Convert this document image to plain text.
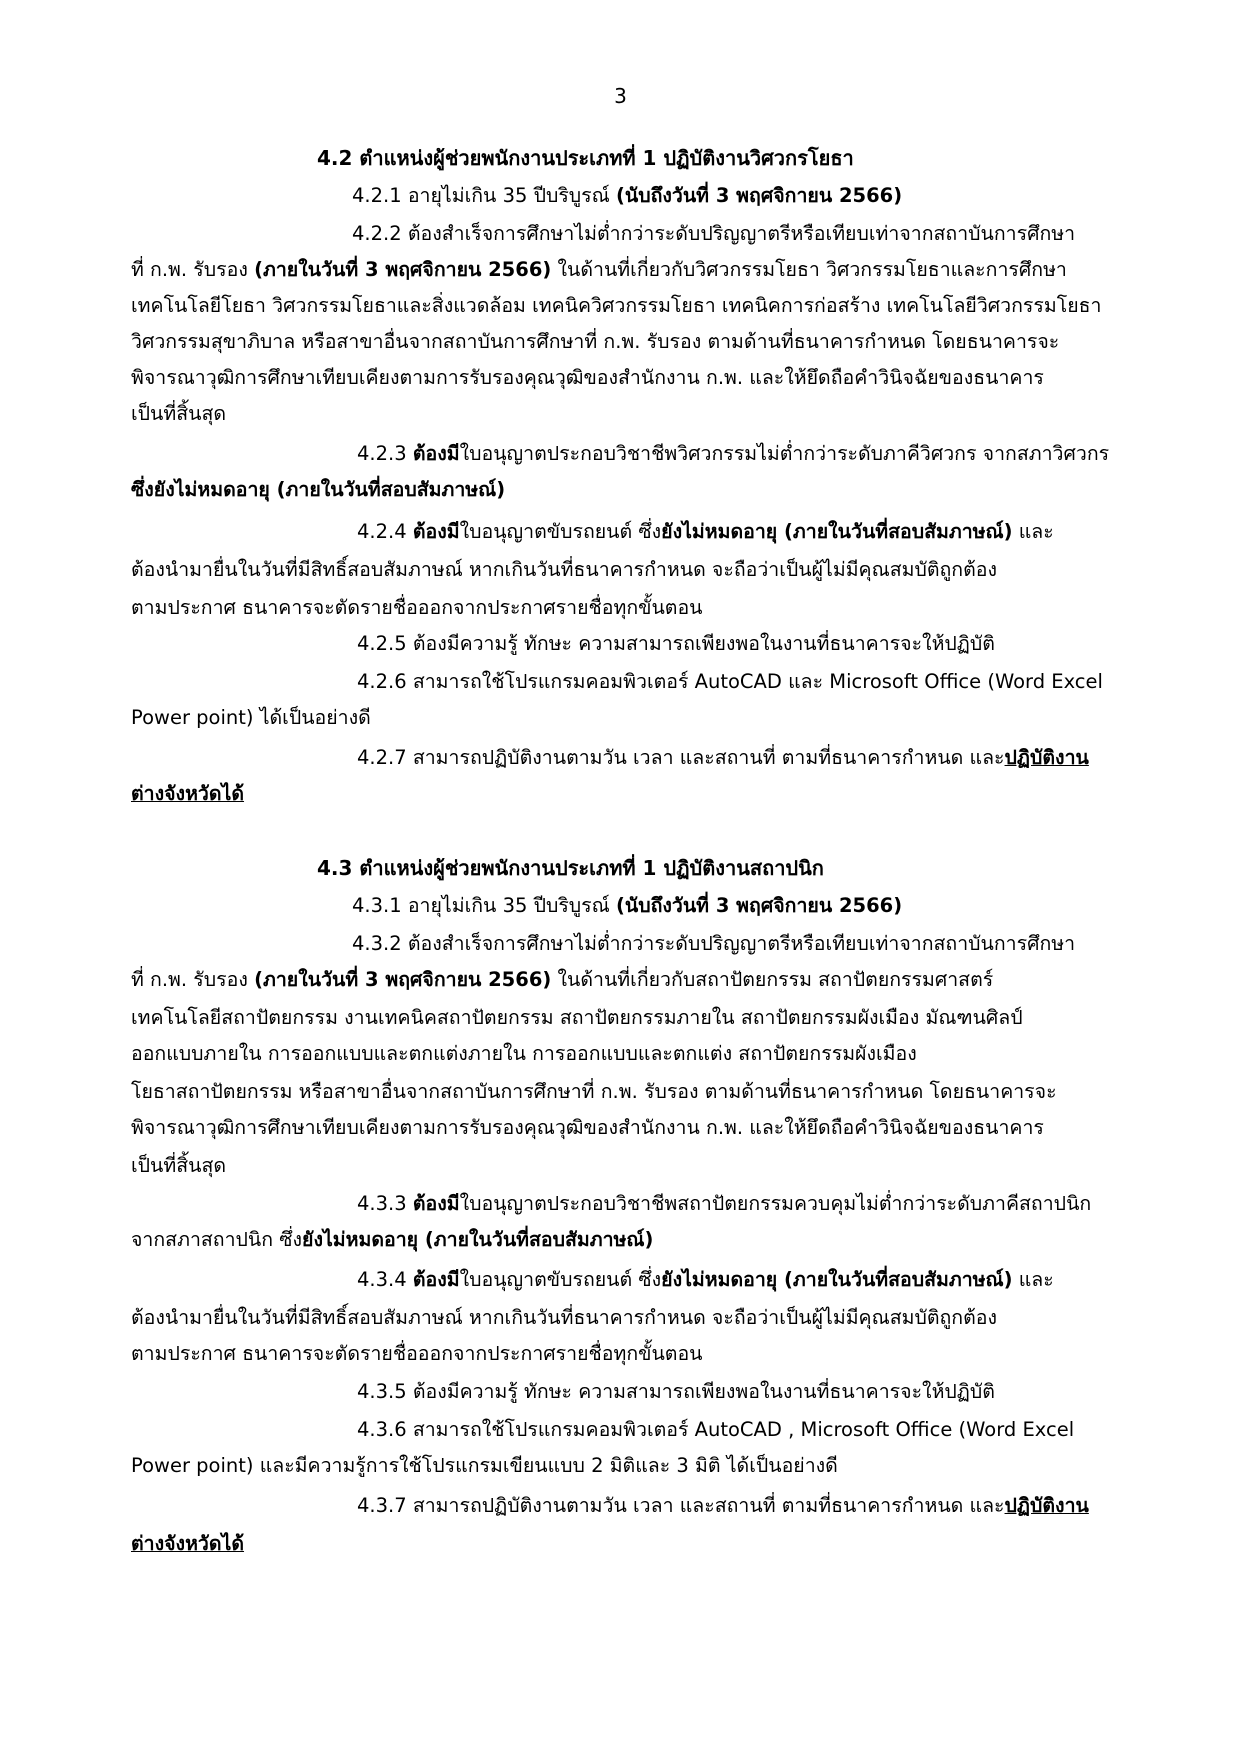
3
4.2 ตำแหน่งผู้ช่วยพนักงานประเภทที่ 1 ปฏิบัติงานวิศวกรโยธา
4.2.1 อายุไม่เกิน 35 ปีบริบูรณ์ (นับถึงวันที่ 3 พฤศจิกายน 2566)
4.2.2 ต้องสำเร็จการศึกษาไม่ต่ำกว่าระดับปริญญาตรีหรือเทียบเท่าจากสถาบันการศึกษา
ที่ ก.พ. รับรอง (ภายในวันที่ 3 พฤศจิกายน 2566) ในด้านที่เกี่ยวกับวิศวกรรมโยธา วิศวกรรมโยธาและการศึกษา
เทคโนโลยีโยธา วิศวกรรมโยธาและสิ่งแวดล้อม เทคนิควิศวกรรมโยธา เทคนิคการก่อสร้าง เทคโนโลยีวิศวกรรมโยธา
วิศวกรรมสุขาภิบาล หรือสาขาอื่นจากสถาบันการศึกษาที่ ก.พ. รับรอง ตามด้านที่ธนาคารกำหนด โดยธนาคารจะ
พิจารณาวุฒิการศึกษาเทียบเคียงตามการรับรองคุณวุฒิของสำนักงาน ก.พ. และให้ยึดถือคำวินิจฉัยของธนาคาร
เป็นที่สิ้นสุด
4.2.3 ต้องมีใบอนุญาตประกอบวิชาชีพวิศวกรรมไม่ต่ำกว่าระดับภาคีวิศวกร จากสภาวิศวกร
ซึ่งยังไม่หมดอายุ (ภายในวันที่สอบสัมภาษณ์)
4.2.4 ต้องมีใบอนุญาตขับรถยนต์ ซึ่งยังไม่หมดอายุ (ภายในวันที่สอบสัมภาษณ์) และ
ต้องนำมายื่นในวันที่มีสิทธิ์สอบสัมภาษณ์ หากเกินวันที่ธนาคารกำหนด จะถือว่าเป็นผู้ไม่มีคุณสมบัติถูกต้อง
ตามประกาศ ธนาคารจะตัดรายชื่อออกจากประกาศรายชื่อทุกขั้นตอน
4.2.5 ต้องมีความรู้ ทักษะ ความสามารถเพียงพอในงานที่ธนาคารจะให้ปฏิบัติ
4.2.6 สามารถใช้โปรแกรมคอมพิวเตอร์ AutoCAD และ Microsoft Office (Word Excel
Power point) ได้เป็นอย่างดี
4.2.7 สามารถปฏิบัติงานตามวัน เวลา และสถานที่ ตามที่ธนาคารกำหนด และปฏิบัติงาน
ต่างจังหวัดได้
4.3 ตำแหน่งผู้ช่วยพนักงานประเภทที่ 1 ปฏิบัติงานสถาปนิก
4.3.1 อายุไม่เกิน 35 ปีบริบูรณ์ (นับถึงวันที่ 3 พฤศจิกายน 2566)
4.3.2 ต้องสำเร็จการศึกษาไม่ต่ำกว่าระดับปริญญาตรีหรือเทียบเท่าจากสถาบันการศึกษา
ที่ ก.พ. รับรอง (ภายในวันที่ 3 พฤศจิกายน 2566) ในด้านที่เกี่ยวกับสถาปัตยกรรม สถาปัตยกรรมศาสตร์
เทคโนโลยีสถาปัตยกรรม งานเทคนิคสถาปัตยกรรม สถาปัตยกรรมภายใน สถาปัตยกรรมผังเมือง มัณฑนศิลป์
ออกแบบภายใน การออกแบบและตกแต่งภายใน การออกแบบและตกแต่ง สถาปัตยกรรมผังเมือง
โยธาสถาปัตยกรรม หรือสาขาอื่นจากสถาบันการศึกษาที่ ก.พ. รับรอง ตามด้านที่ธนาคารกำหนด โดยธนาคารจะ
พิจารณาวุฒิการศึกษาเทียบเคียงตามการรับรองคุณวุฒิของสำนักงาน ก.พ. และให้ยึดถือคำวินิจฉัยของธนาคาร
เป็นที่สิ้นสุด
4.3.3 ต้องมีใบอนุญาตประกอบวิชาชีพสถาปัตยกรรมควบคุมไม่ต่ำกว่าระดับภาคีสถาปนิก
จากสภาสถาปนิก ซึ่งยังไม่หมดอายุ (ภายในวันที่สอบสัมภาษณ์)
4.3.4 ต้องมีใบอนุญาตขับรถยนต์ ซึ่งยังไม่หมดอายุ (ภายในวันที่สอบสัมภาษณ์) และ
ต้องนำมายื่นในวันที่มีสิทธิ์สอบสัมภาษณ์ หากเกินวันที่ธนาคารกำหนด จะถือว่าเป็นผู้ไม่มีคุณสมบัติถูกต้อง
ตามประกาศ ธนาคารจะตัดรายชื่อออกจากประกาศรายชื่อทุกขั้นตอน
4.3.5 ต้องมีความรู้ ทักษะ ความสามารถเพียงพอในงานที่ธนาคารจะให้ปฏิบัติ
4.3.6 สามารถใช้โปรแกรมคอมพิวเตอร์ AutoCAD , Microsoft Office (Word Excel
Power point) และมีความรู้การใช้โปรแกรมเขียนแบบ 2 มิติและ 3 มิติ ได้เป็นอย่างดี
4.3.7 สามารถปฏิบัติงานตามวัน เวลา และสถานที่ ตามที่ธนาคารกำหนด และปฏิบัติงาน
ต่างจังหวัดได้
